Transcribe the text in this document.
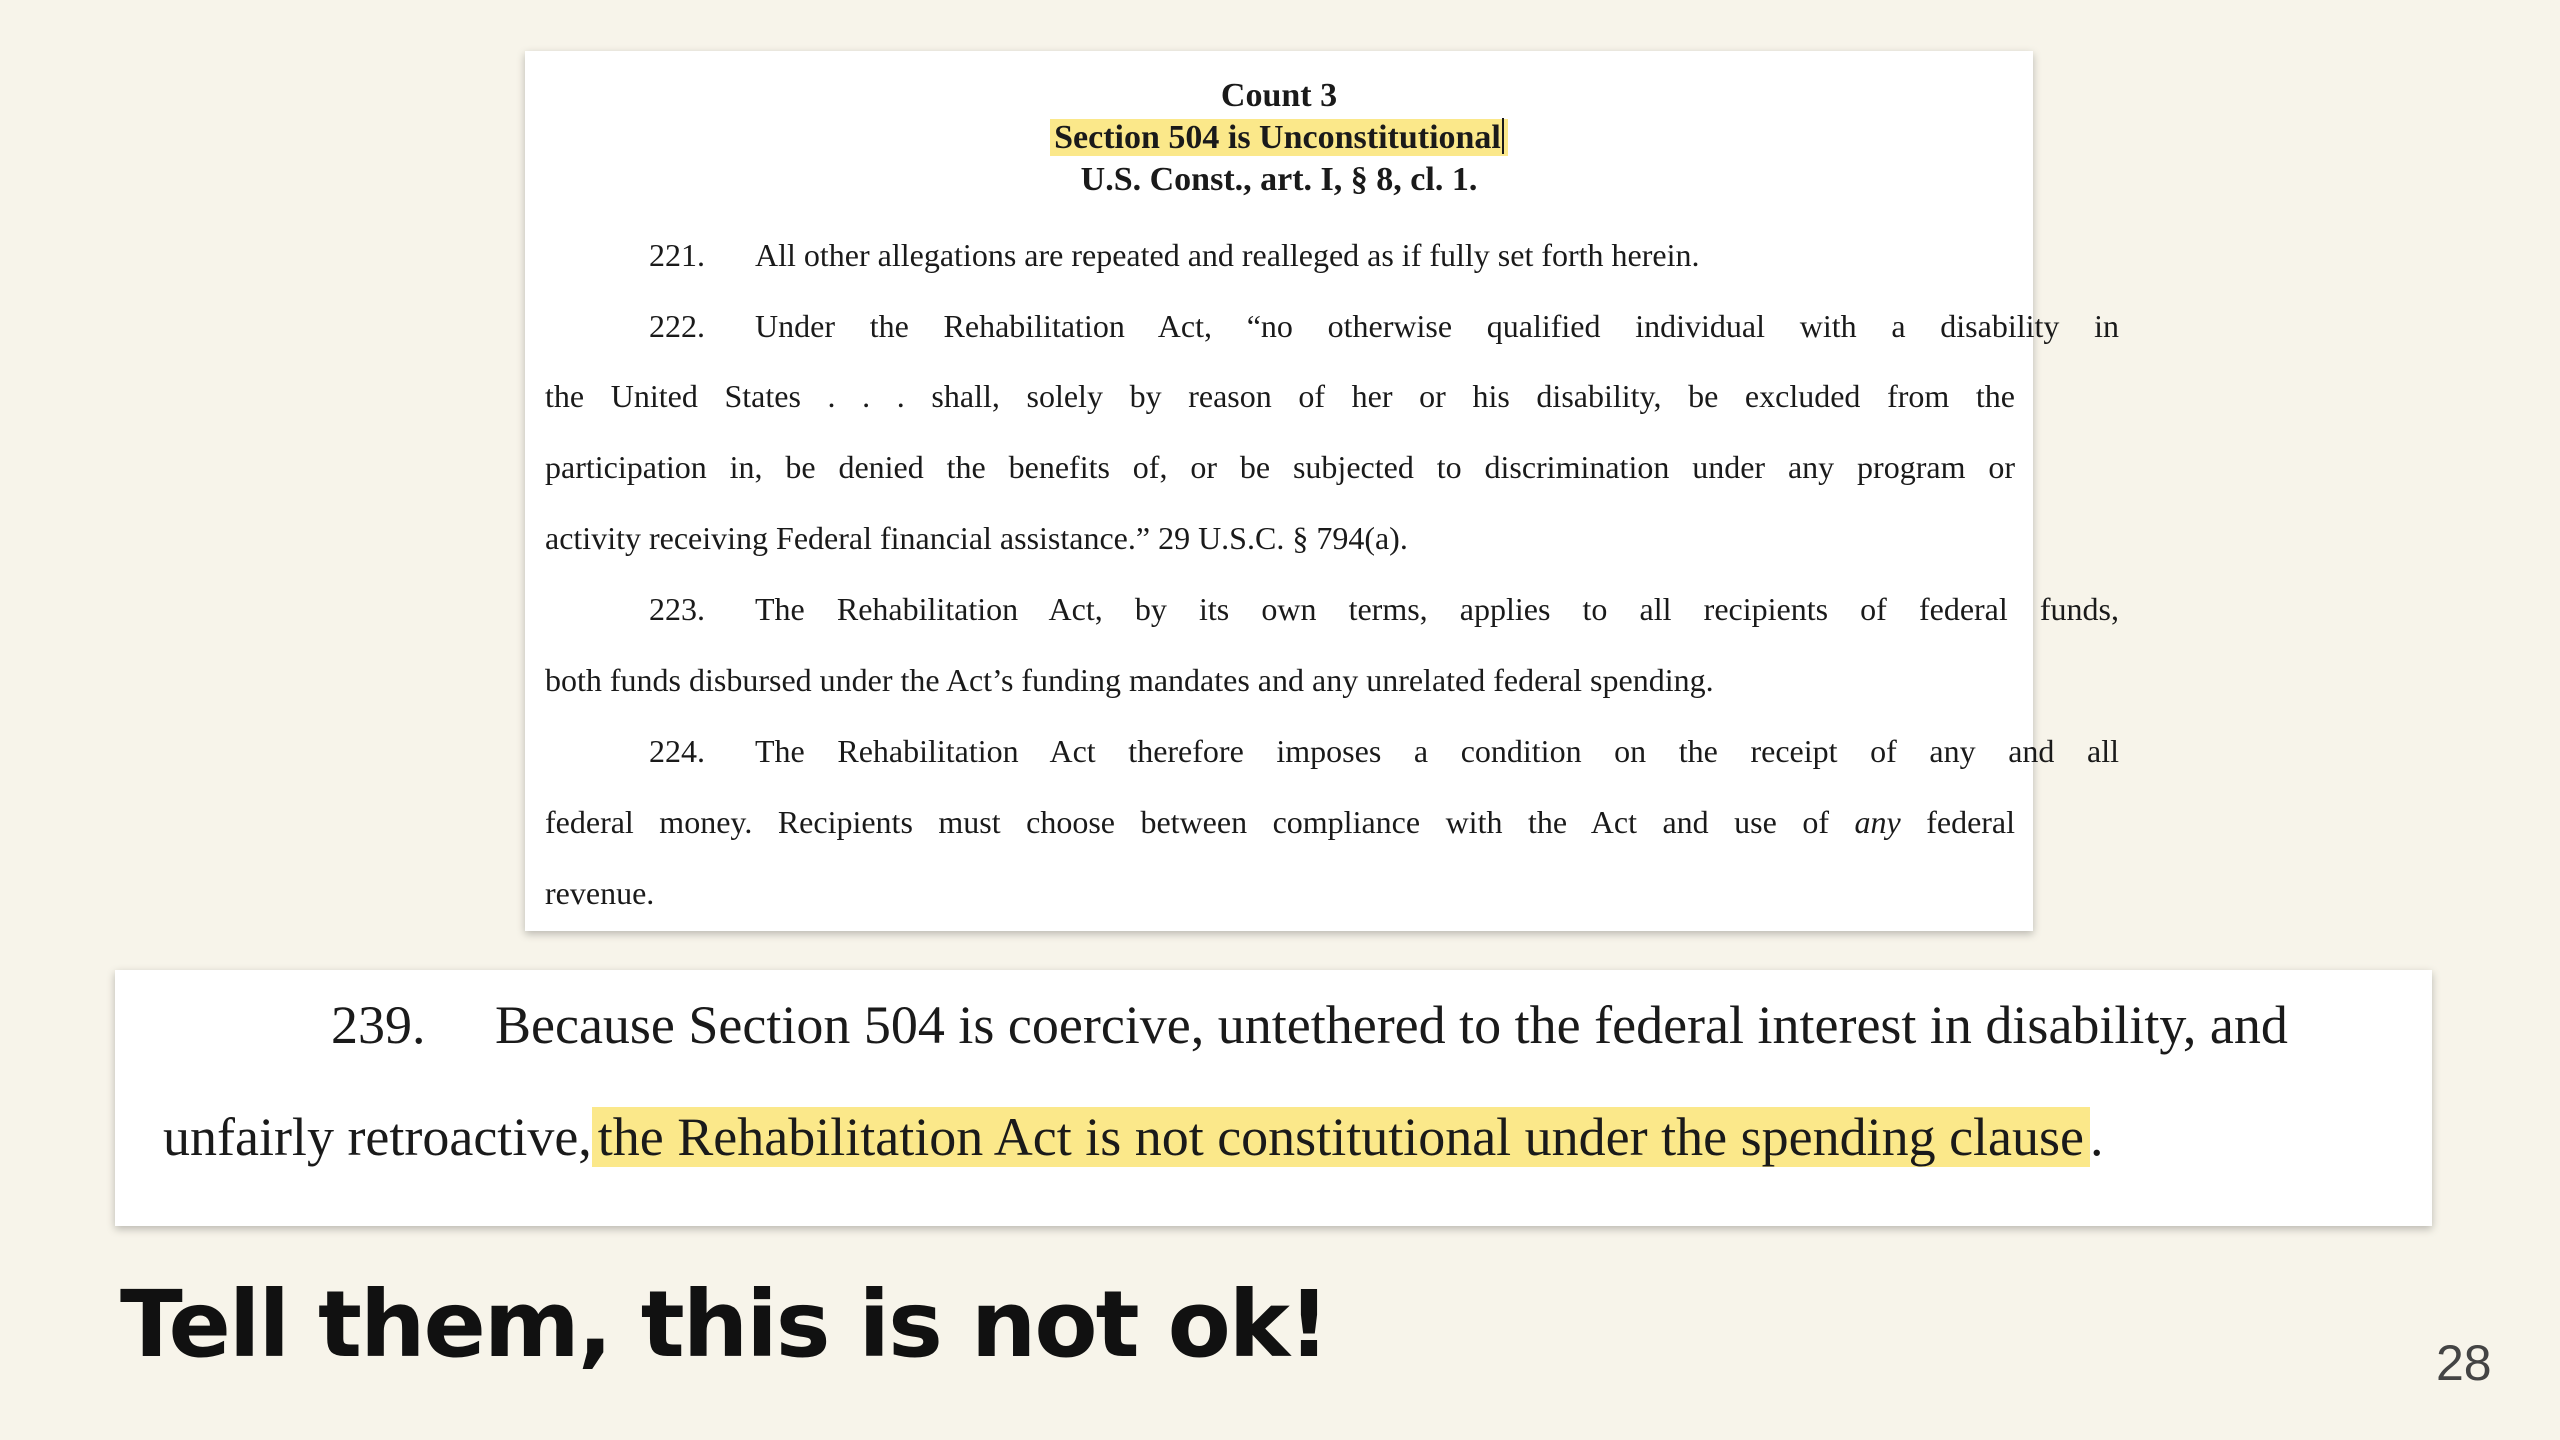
Count 3
Section 504 is Unconstitutional
U.S. Const., art. I, § 8, cl. 1.
221. All other allegations are repeated and realleged as if fully set forth herein.
222. Under the Rehabilitation Act, “no otherwise qualified individual with a disability in
the United States . . . shall, solely by reason of her or his disability, be excluded from the
participation in, be denied the benefits of, or be subjected to discrimination under any program or
activity receiving Federal financial assistance.” 29 U.S.C. § 794(a).
223. The Rehabilitation Act, by its own terms, applies to all recipients of federal funds,
both funds disbursed under the Act’s funding mandates and any unrelated federal spending.
224. The Rehabilitation Act therefore imposes a condition on the receipt of any and all
federal money. Recipients must choose between compliance with the Act and use of any federal
revenue.
239. Because Section 504 is coercive, untethered to the federal interest in disability, and
unfairly retroactive, the Rehabilitation Act is not constitutional under the spending clause .
Tell them, this is not ok!	28
